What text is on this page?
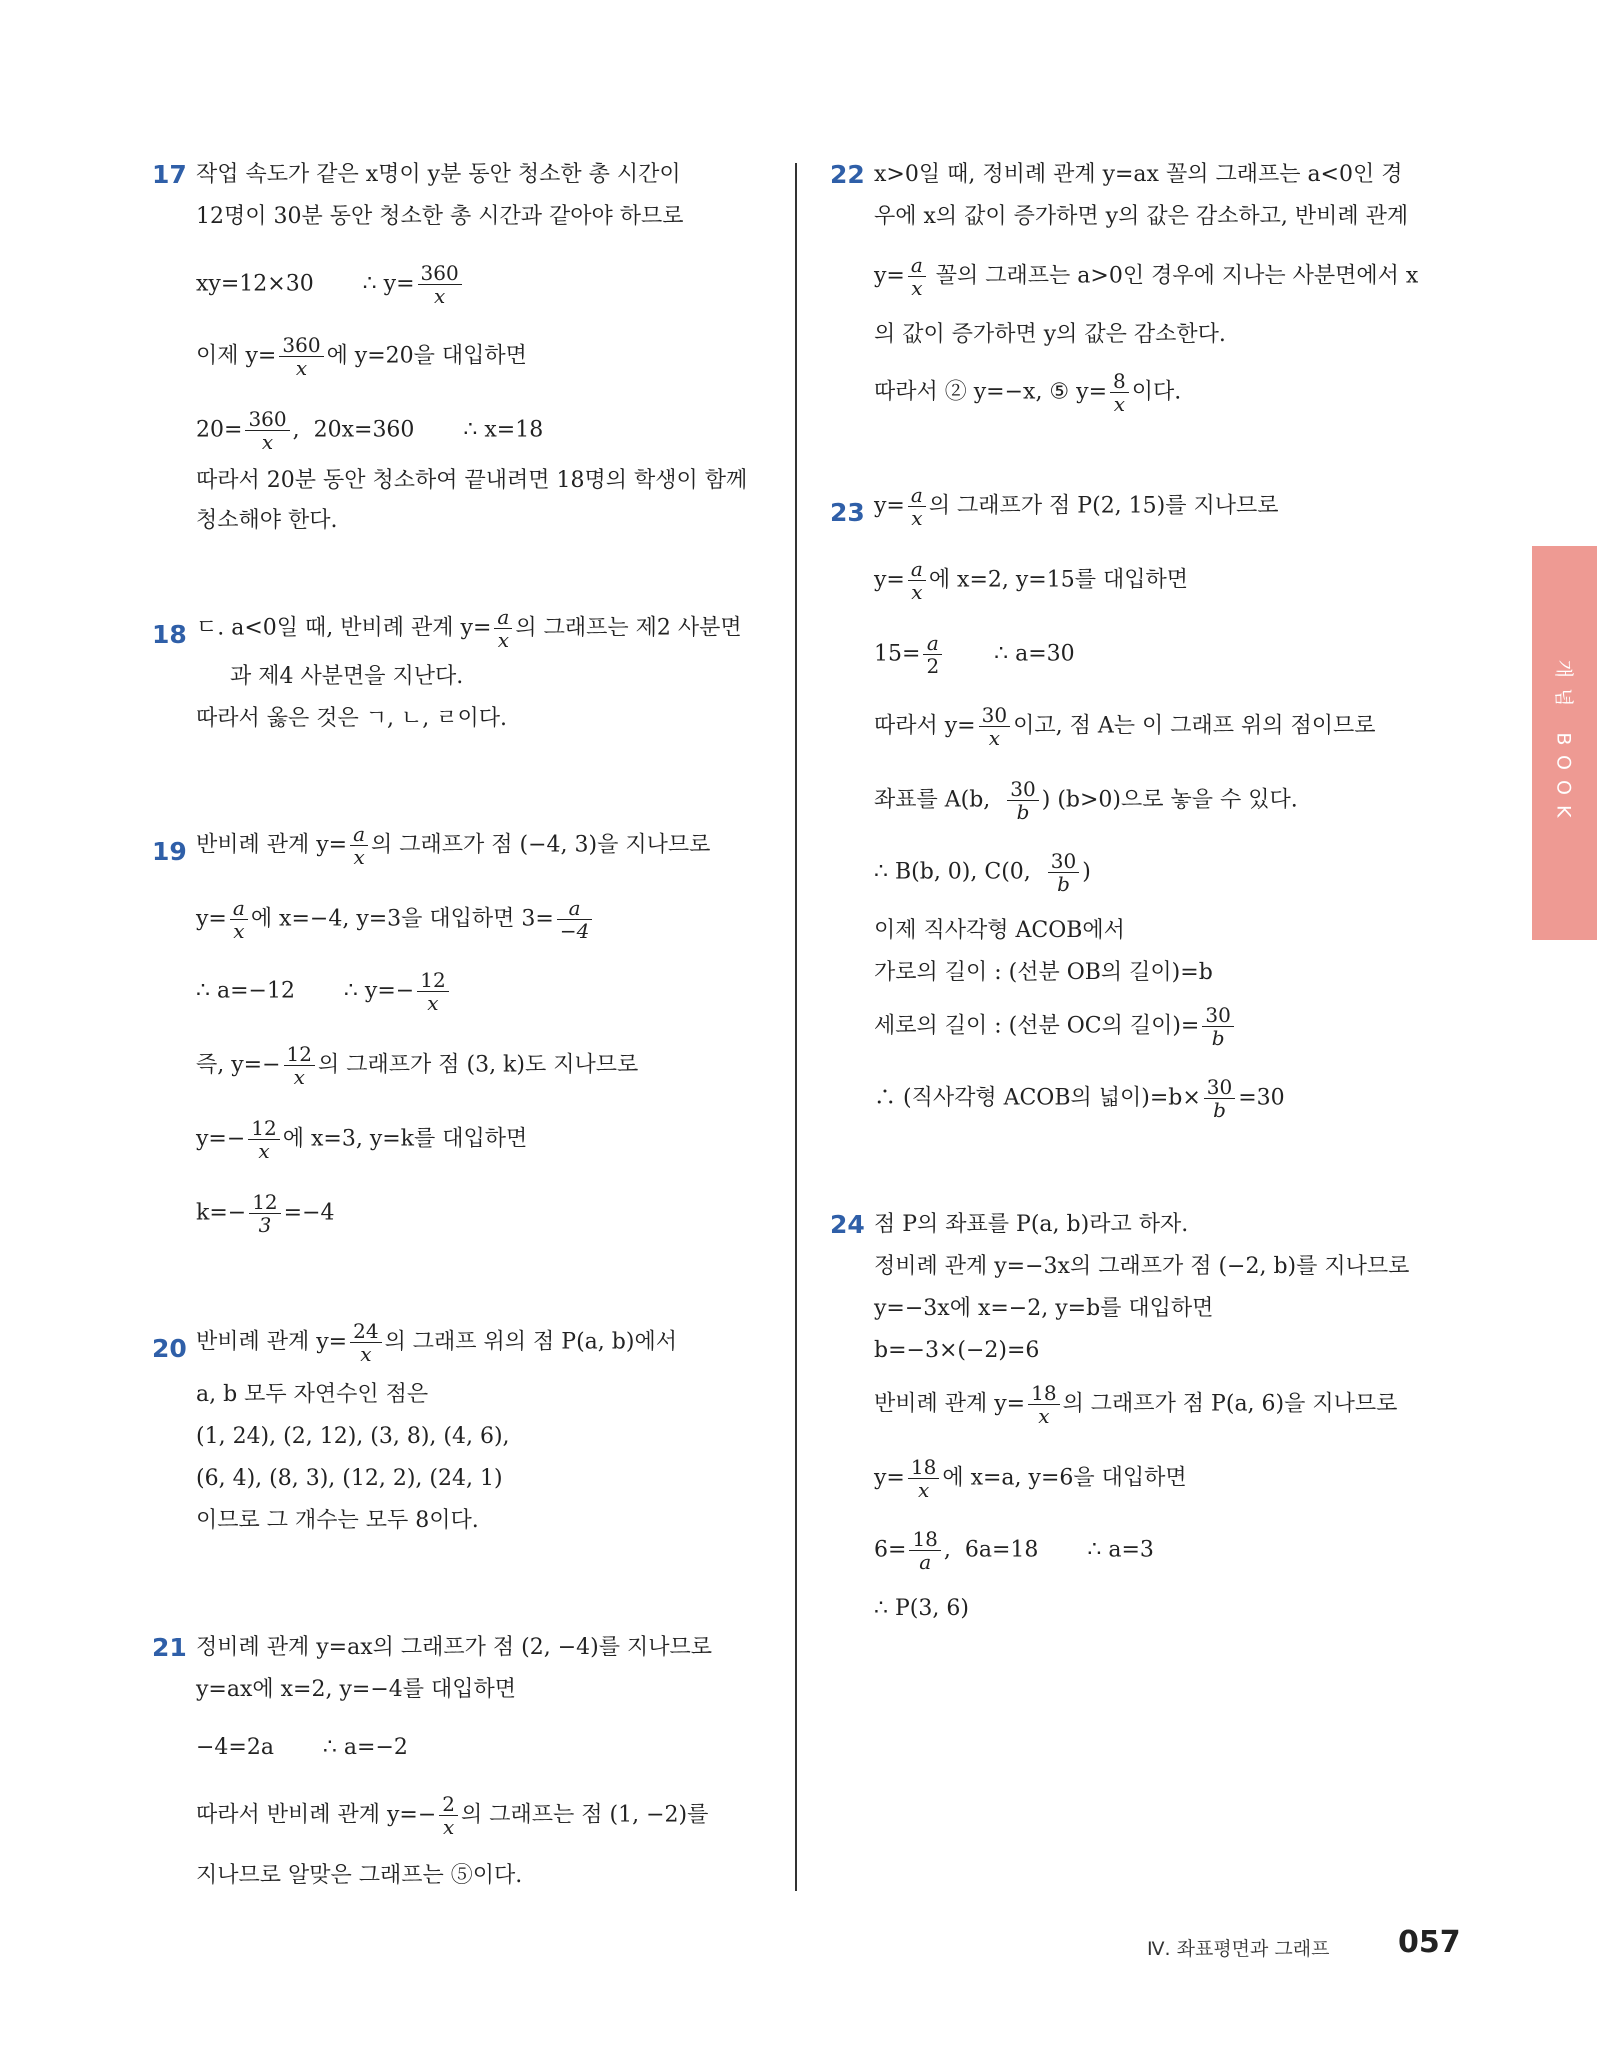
17 작업 속도가 같은 x명이 y분 동안 청소한 총 시간이
12명이 30분 동안 청소한 총 시간과 같아야 하므로
xy=12×30       ∴ $y= \frac{360}{x}$
이제 $y= \frac{360}{x}$ 에 y=20을 대입하면
$20= \frac{360}{x}$ ,  20x=360       ∴ x=18
따라서 20분 동안 청소하여 끝내려면 18명의 학생이 함께
청소해야 한다.
18 ㄷ. a<0일 때, 반비례 관계 $y= \frac{a}{x}$ 의 그래프는 제2 사분면
과 제4 사분면을 지난다.
따라서 옳은 것은 ㄱ, ㄴ, ㄹ이다.
19 반비례 관계 $y= \frac{a}{x}$ 의 그래프가 점 (−4, 3)을 지나므로
$y= \frac{a}{x}$ 에 x=−4, y=3을 대입하면 $3= \frac{a}{-4}$
∴ a=−12       ∴ $y=- \frac{12}{x}$
즉, $y=- \frac{12}{x}$ 의 그래프가 점 (3, k)도 지나므로
$y=- \frac{12}{x}$ 에 x=3, y=k를 대입하면
$k=- \frac{12}{3} =-4$
20 반비례 관계 $y= \frac{24}{x}$ 의 그래프 위의 점 P(a, b)에서
a, b 모두 자연수인 점은
(1, 24), (2, 12), (3, 8), (4, 6),
(6, 4), (8, 3), (12, 2), (24, 1)
이므로 그 개수는 모두 8이다.
21 정비례 관계 y=ax의 그래프가 점 (2, −4)를 지나므로
y=ax에 x=2, y=−4를 대입하면
−4=2a       ∴ a=−2
따라서 반비례 관계 $y=- \frac{2}{x}$ 의 그래프는 점 (1, −2)를
지나므로 알맞은 그래프는 ⑤이다.
22 x>0일 때, 정비례 관계 y=ax 꼴의 그래프는 a<0인 경
우에 x의 값이 증가하면 y의 값은 감소하고, 반비례 관계
$y= \frac{a}{x}$ 꼴의 그래프는 a>0인 경우에 지나는 사분면에서 x
의 값이 증가하면 y의 값은 감소한다.
따라서 ② y=−x, ⑤ $y= \frac{8}{x}$ 이다.
23 $y= \frac{a}{x}$ 의 그래프가 점 P(2, 15)를 지나므로
$y= \frac{a}{x}$ 에 x=2, y=15를 대입하면
$15= \frac{a}{2}$ ∴ a=30
따라서 $y= \frac{30}{x}$ 이고, 점 A는 이 그래프 위의 점이므로
좌표를 A(b, $\frac{30}{b}$ ) (b>0)으로 놓을 수 있다.
∴ B(b, 0), C(0, $\frac{30}{b}$ )
이제 직사각형 ACOB에서
가로의 길이 : (선분 OB의 길이)=b
세로의 길이 : (선분 OC의 길이)= $\frac{30}{b}$
∴ (직사각형 ACOB의 넓이)$=b\times \frac{30}{b} =30$
24 점 P의 좌표를 P(a, b)라고 하자.
정비례 관계 y=−3x의 그래프가 점 (−2, b)를 지나므로
y=−3x에 x=−2, y=b를 대입하면
b=−3×(−2)=6
반비례 관계 $y= \frac{18}{x}$ 의 그래프가 점 P(a, 6)을 지나므로
$y= \frac{18}{x}$ 에 x=a, y=6을 대입하면
$6= \frac{18}{a}$ ,  6a=18       ∴ a=3
∴ P(3, 6)
개념 BOOK
Ⅳ. 좌표평면과 그래프 057
